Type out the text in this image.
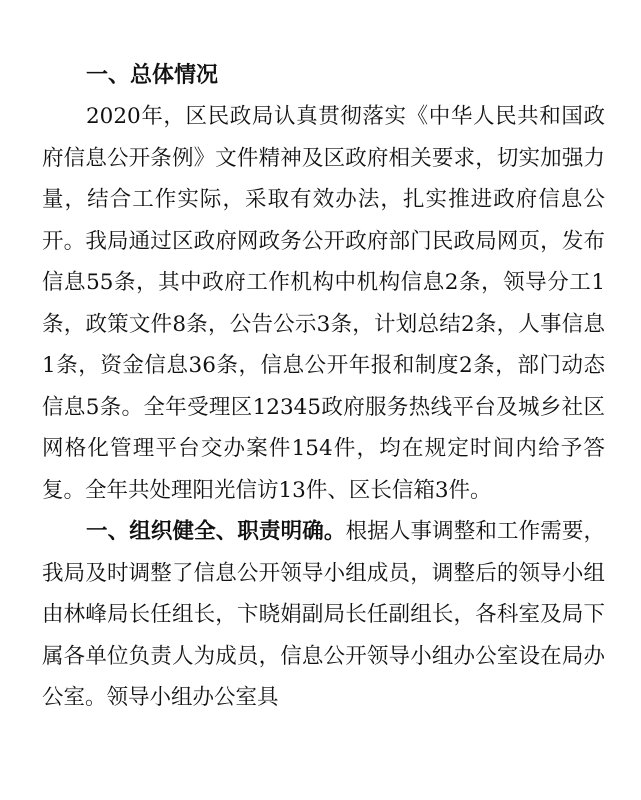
一、总体情况

2020年，区民政局认真贯彻落实《中华人民共和国政府信息公开条例》文件精神及区政府相关要求，切实加强力量，结合工作实际，采取有效办法，扎实推进政府信息公开。我局通过区政府网政务公开政府部门民政局网页，发布信息55条，其中政府工作机构中机构信息2条，领导分工1条，政策文件8条，公告公示3条，计划总结2条，人事信息1条，资金信息36条，信息公开年报和制度2条，部门动态信息5条。全年受理区12345政府服务热线平台及城乡社区网格化管理平台交办案件154件，均在规定时间内给予答复。全年共处理阳光信访13件、区长信箱3件。

一、组织健全、职责明确。根据人事调整和工作需要，我局及时调整了信息公开领导小组成员，调整后的领导小组由林峰局长任组长，卞晓娟副局长任副组长，各科室及局下属各单位负责人为成员，信息公开领导小组办公室设在局办公室。领导小组办公室具
